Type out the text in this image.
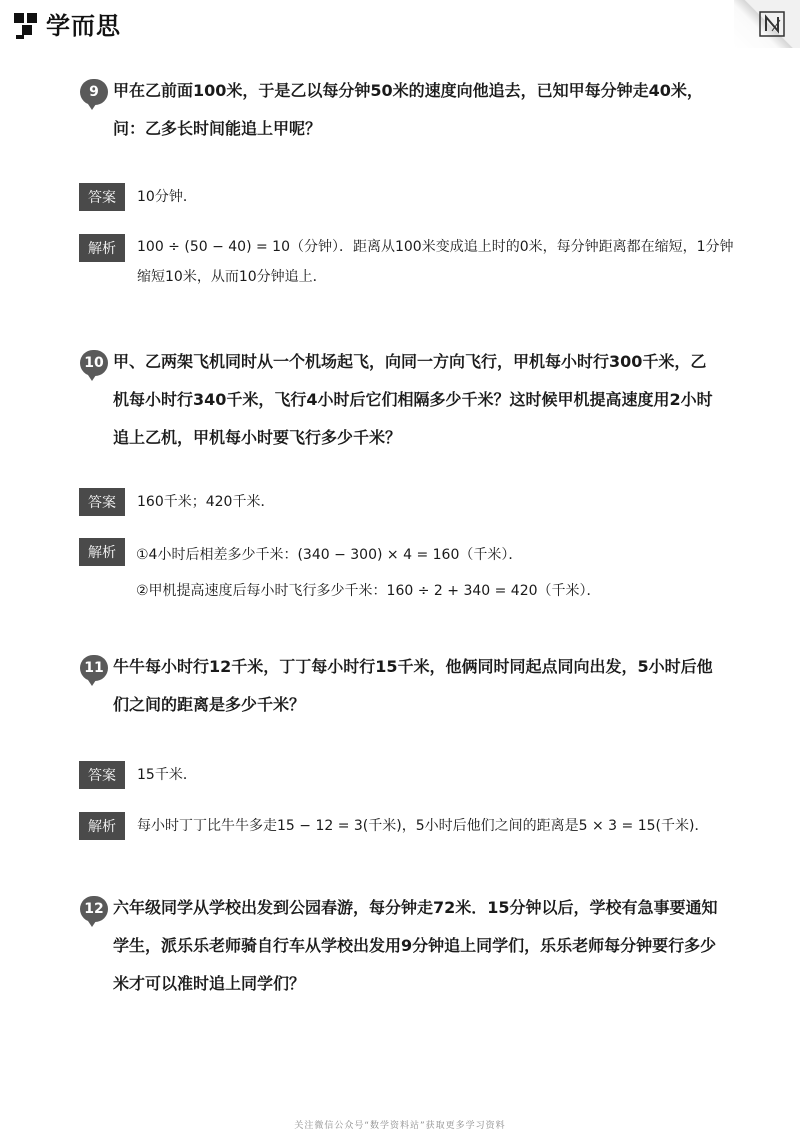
学而思
9 甲在乙前面100米，于是乙以每分钟50米的速度向他追去，已知甲每分钟走40米，问：乙多长时间能追上甲呢？
答案	10分钟．
解析	100 ÷ (50 − 40) = 10（分钟）．距离从100米变成追上时的0米，每分钟距离都在缩短，1分钟
缩短10米，从而10分钟追上．
10 甲、乙两架飞机同时从一个机场起飞，向同一方向飞行，甲机每小时行300千米，乙机每小时行340千米，飞行4小时后它们相隔多少千米？这时候甲机提高速度用2小时追上乙机，甲机每小时要飞行多少千米？
答案	160千米；420千米．
解析	①4小时后相差多少千米：(340 − 300) × 4 = 160（千米）．
②甲机提高速度后每小时飞行多少千米：160 ÷ 2 + 340 = 420（千米）．
11 牛牛每小时行12千米，丁丁每小时行15千米，他俩同时同起点同向出发，5小时后他们之间的距离是多少千米？
答案	15千米．
解析	每小时丁丁比牛牛多走15 − 12 = 3(千米)，5小时后他们之间的距离是5 × 3 = 15(千米)．
12 六年级同学从学校出发到公园春游，每分钟走72米．15分钟以后，学校有急事要通知学生，派乐乐老师骑自行车从学校出发用9分钟追上同学们，乐乐老师每分钟要行多少米才可以准时追上同学们？
关注微信公众号“数学资料站”获取更多学习资料
